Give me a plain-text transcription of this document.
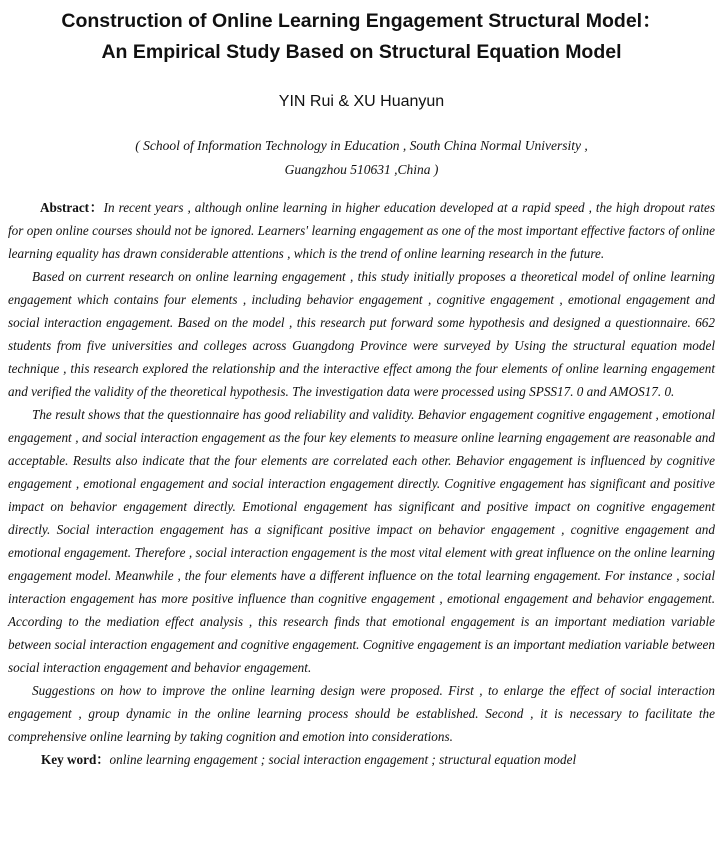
Construction of Online Learning Engagement Structural Model：
An Empirical Study Based on Structural Equation Model
YIN Rui & XU Huanyun
( School of Information Technology in Education , South China Normal University ,
Guangzhou 510631 ,China )

Abstract：In recent years , although online learning in higher education developed at a rapid speed , the high dropout rates for open online courses should not be ignored. Learners' learning engagement as one of the most important effective factors of online learning equality has drawn considerable attentions , which is the trend of online learning research in the future.

Based on current research on online learning engagement , this study initially proposes a theoretical model of online learning engagement which contains four elements , including behavior engagement , cognitive engagement , emotional engagement and social interaction engagement. Based on the model , this research put forward some hypothesis and designed a questionnaire. 662 students from five universities and colleges across Guangdong Province were surveyed by Using the structural equation model technique , this research explored the relationship and the interactive effect among the four elements of online learning engagement and verified the validity of the theoretical hypothesis. The investigation data were processed using SPSS17. 0 and AMOS17. 0.

The result shows that the questionnaire has good reliability and validity. Behavior engagement cognitive engagement , emotional engagement , and social interaction engagement as the four key elements to measure online learning engagement are reasonable and acceptable. Results also indicate that the four elements are correlated each other. Behavior engagement is influenced by cognitive engagement , emotional engagement and social interaction engagement directly. Cognitive engagement has significant and positive impact on behavior engagement directly. Emotional engagement has significant and positive impact on cognitive engagement directly. Social interaction engagement has a significant positive impact on behavior engagement , cognitive engagement and emotional engagement. Therefore , social interaction engagement is the most vital element with great influence on the online learning engagement model. Meanwhile , the four elements have a different influence on the total learning engagement. For instance , social interaction engagement has more positive influence than cognitive engagement , emotional engagement and behavior engagement. According to the mediation effect analysis , this research finds that emotional engagement is an important mediation variable between social interaction engagement and cognitive engagement. Cognitive engagement is an important mediation variable between social interaction engagement and behavior engagement.

Suggestions on how to improve the online learning design were proposed. First , to enlarge the effect of social interaction engagement , group dynamic in the online learning process should be established. Second , it is necessary to facilitate the comprehensive online learning by taking cognition and emotion into considerations.

Key word：online learning engagement ; social interaction engagement ; structural equation model
